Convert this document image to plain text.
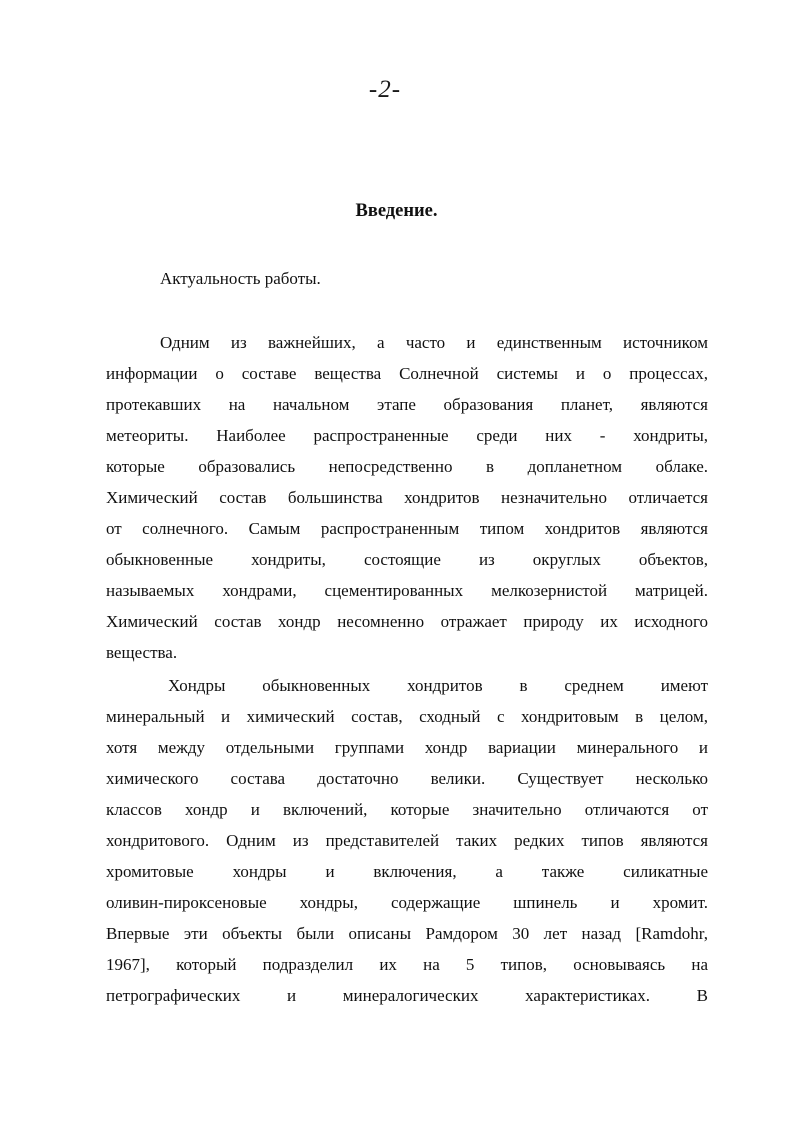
-2-
Введение.
Актуальность работы.
Одним из важнейших, а часто и единственным источником
информации о составе вещества Солнечной системы и о процессах,
протекавших на начальном этапе образования планет, являются
метеориты. Наиболее распространенные среди них - хондриты,
которые образовались непосредственно в допланетном облаке.
Химический состав большинства хондритов незначительно отличается
от солнечного. Самым распространенным типом хондритов являются
обыкновенные хондриты, состоящие из округлых объектов,
называемых хондрами, сцементированных мелкозернистой матрицей.
Химический состав хондр несомненно отражает природу их исходного
вещества.
Хондры обыкновенных хондритов в среднем имеют
минеральный и химический состав, сходный с хондритовым в целом,
хотя между отдельными группами хондр вариации минерального и
химического состава достаточно велики. Существует несколько
классов хондр и включений, которые значительно отличаются от
хондритового. Одним из представителей таких редких типов являются
хромитовые хондры и включения, а также силикатные
оливин-пироксеновые хондры, содержащие шпинель и хромит.
Впервые эти объекты были описаны Рамдором 30 лет назад [Ramdohr,
1967], который подразделил их на 5 типов, основываясь на
петрографических и минералогических характеристиках. В
